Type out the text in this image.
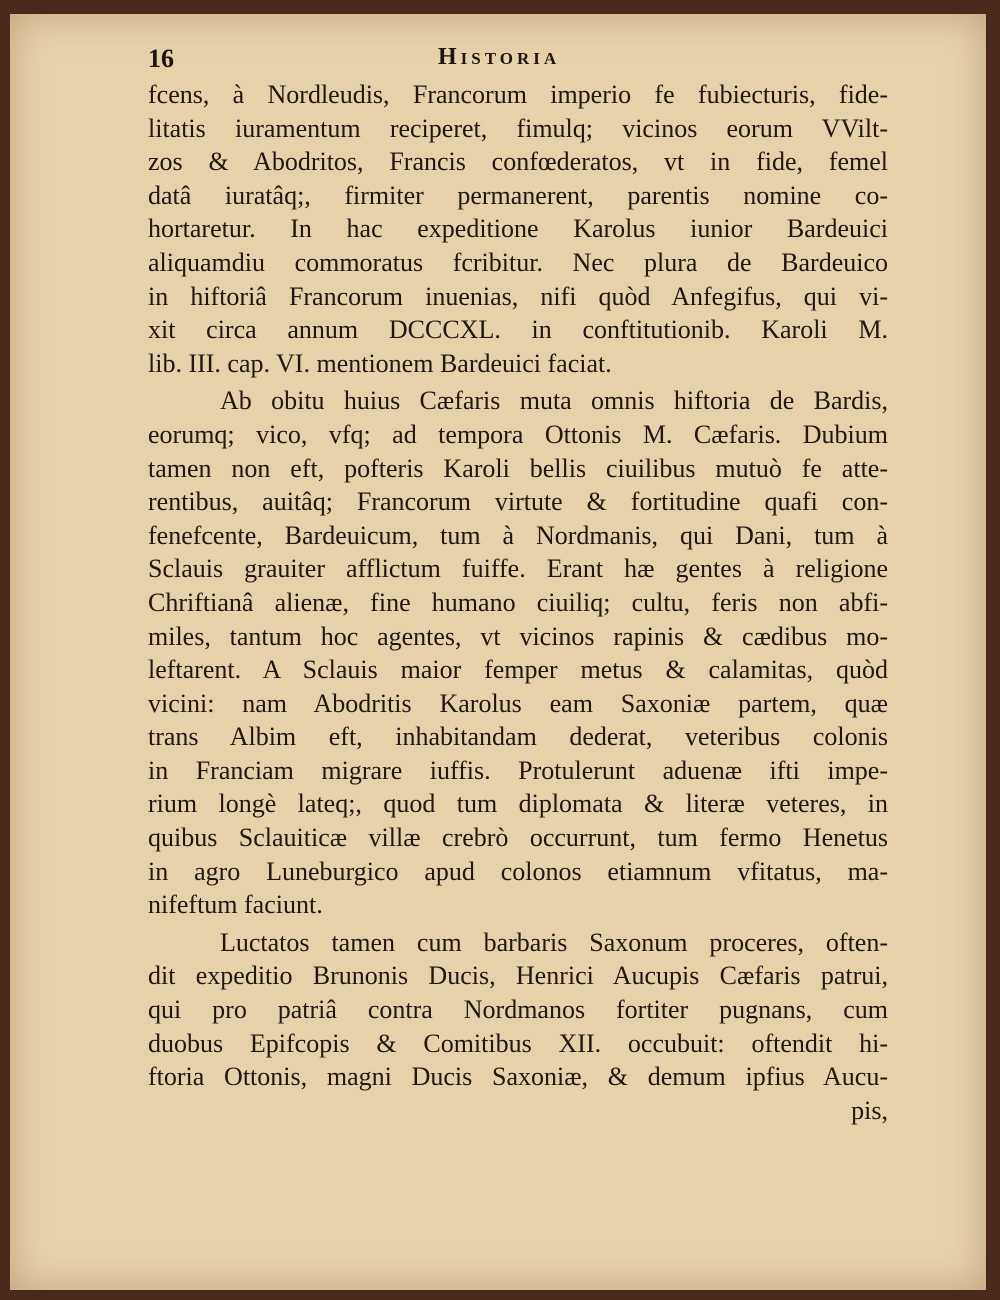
16	Historia
fcens, à Nordleudis, Francorum imperio fe fubiecturis, fide-
litatis iuramentum reciperet, fimulq; vicinos eorum VVilt-
zos & Abodritos, Francis confœderatos, vt in fide, femel
datâ iuratâq;, firmiter permanerent, parentis nomine co-
hortaretur. In hac expeditione Karolus iunior Bardeuici
aliquamdiu commoratus fcribitur. Nec plura de Bardeuico
in hiftoriâ Francorum inuenias, nifi quòd Anfegifus, qui vi-
xit circa annum DCCCXL. in conftitutionib. Karoli M.
lib. III. cap. VI. mentionem Bardeuici faciat.
Ab obitu huius Cæfaris muta omnis hiftoria de Bardis,
eorumq; vico, vfq; ad tempora Ottonis M. Cæfaris. Dubium
tamen non eft, pofteris Karoli bellis ciuilibus mutuò fe atte-
rentibus, auitâq; Francorum virtute & fortitudine quafi con-
fenefcente, Bardeuicum, tum à Nordmanis, qui Dani, tum à
Sclauis grauiter afflictum fuiffe. Erant hæ gentes à religione
Chriftianâ alienæ, fine humano ciuiliq; cultu, feris non abfi-
miles, tantum hoc agentes, vt vicinos rapinis & cædibus mo-
leftarent. A Sclauis maior femper metus & calamitas, quòd
vicini: nam Abodritis Karolus eam Saxoniæ partem, quæ
trans Albim eft, inhabitandam dederat, veteribus colonis
in Franciam migrare iuffis. Protulerunt aduenæ ifti impe-
rium longè lateq;, quod tum diplomata & literæ veteres, in
quibus Sclauiticæ villæ crebrò occurrunt, tum fermo Henetus
in agro Luneburgico apud colonos etiamnum vfitatus, ma-
nifeftum faciunt.
Luctatos tamen cum barbaris Saxonum proceres, often-
dit expeditio Brunonis Ducis, Henrici Aucupis Cæfaris patrui,
qui pro patriâ contra Nordmanos fortiter pugnans, cum
duobus Epifcopis & Comitibus XII. occubuit: oftendit hi-
ftoria Ottonis, magni Ducis Saxoniæ, & demum ipfius Aucu-
pis,
